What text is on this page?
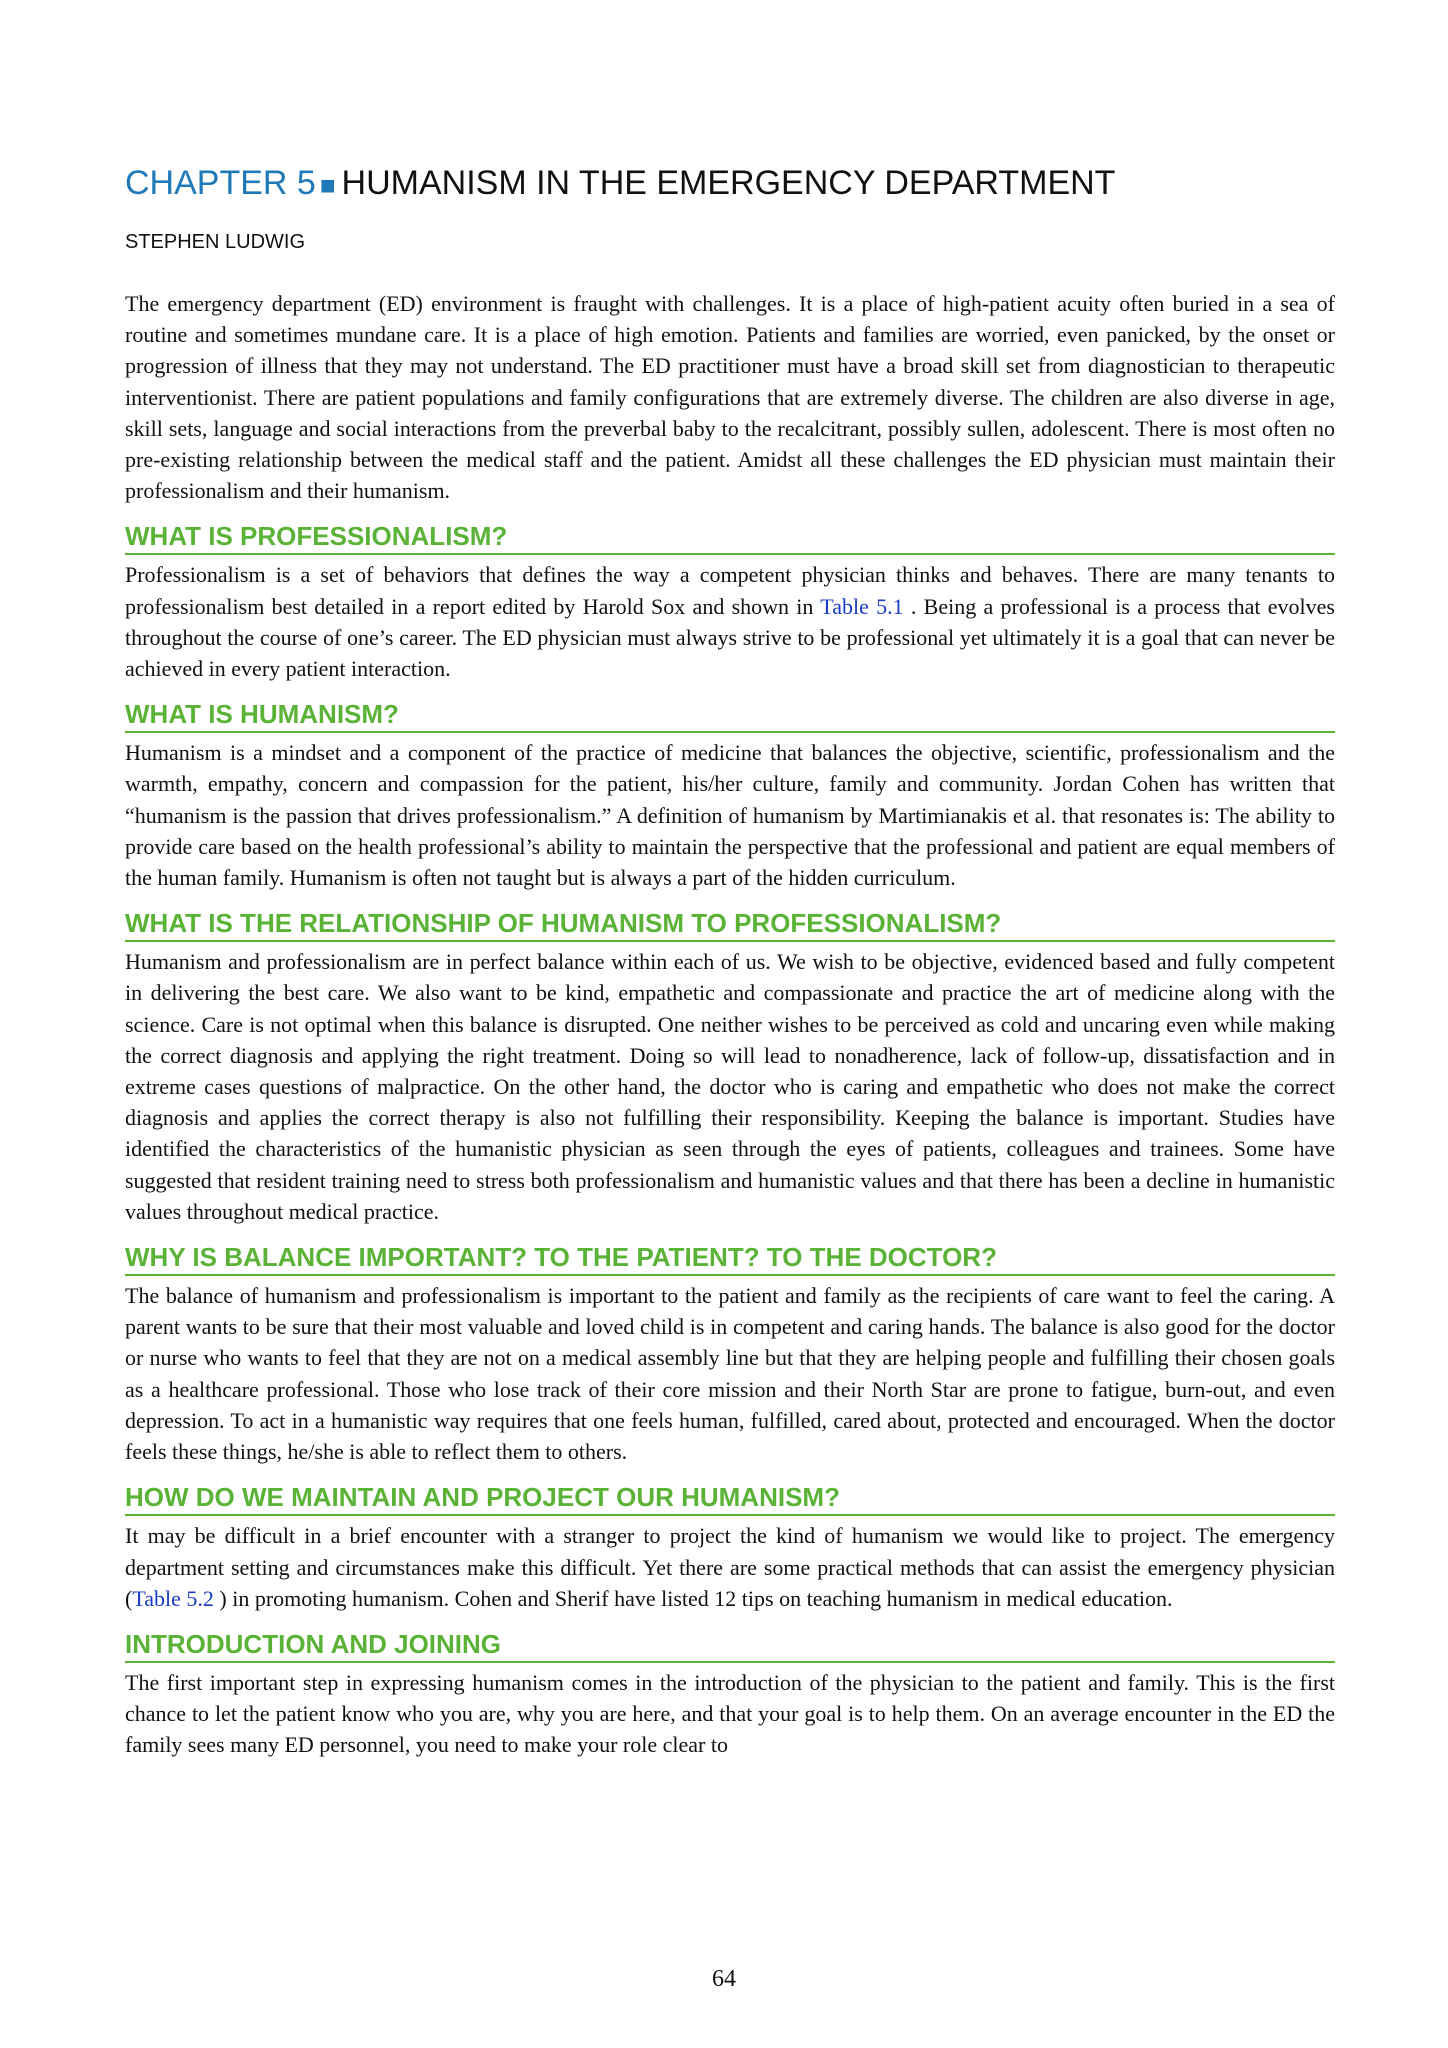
CHAPTER 5 ■ HUMANISM IN THE EMERGENCY DEPARTMENT
STEPHEN LUDWIG

The emergency department (ED) environment is fraught with challenges. It is a place of high-patient acuity often buried in a sea of routine and sometimes mundane care. It is a place of high emotion. Patients and families are worried, even panicked, by the onset or progression of illness that they may not understand. The ED practitioner must have a broad skill set from diagnostician to therapeutic interventionist. There are patient populations and family configurations that are extremely diverse. The children are also diverse in age, skill sets, language and social interactions from the preverbal baby to the recalcitrant, possibly sullen, adolescent. There is most often no pre-existing relationship between the medical staff and the patient. Amidst all these challenges the ED physician must maintain their professionalism and their humanism.

WHAT IS PROFESSIONALISM?

Professionalism is a set of behaviors that defines the way a competent physician thinks and behaves. There are many tenants to professionalism best detailed in a report edited by Harold Sox and shown in Table 5.1 . Being a professional is a process that evolves throughout the course of one’s career. The ED physician must always strive to be professional yet ultimately it is a goal that can never be achieved in every patient interaction.

WHAT IS HUMANISM?

Humanism is a mindset and a component of the practice of medicine that balances the objective, scientific, professionalism and the warmth, empathy, concern and compassion for the patient, his/her culture, family and community. Jordan Cohen has written that “humanism is the passion that drives professionalism.” A definition of humanism by Martimianakis et al. that resonates is: The ability to provide care based on the health professional’s ability to maintain the perspective that the professional and patient are equal members of the human family. Humanism is often not taught but is always a part of the hidden curriculum.

WHAT IS THE RELATIONSHIP OF HUMANISM TO PROFESSIONALISM?

Humanism and professionalism are in perfect balance within each of us. We wish to be objective, evidenced based and fully competent in delivering the best care. We also want to be kind, empathetic and compassionate and practice the art of medicine along with the science. Care is not optimal when this balance is disrupted. One neither wishes to be perceived as cold and uncaring even while making the correct diagnosis and applying the right treatment. Doing so will lead to nonadherence, lack of follow-up, dissatisfaction and in extreme cases questions of malpractice. On the other hand, the doctor who is caring and empathetic who does not make the correct diagnosis and applies the correct therapy is also not fulfilling their responsibility. Keeping the balance is important. Studies have identified the characteristics of the humanistic physician as seen through the eyes of patients, colleagues and trainees. Some have suggested that resident training need to stress both professionalism and humanistic values and that there has been a decline in humanistic values throughout medical practice.

WHY IS BALANCE IMPORTANT? TO THE PATIENT? TO THE DOCTOR?

The balance of humanism and professionalism is important to the patient and family as the recipients of care want to feel the caring. A parent wants to be sure that their most valuable and loved child is in competent and caring hands. The balance is also good for the doctor or nurse who wants to feel that they are not on a medical assembly line but that they are helping people and fulfilling their chosen goals as a healthcare professional. Those who lose track of their core mission and their North Star are prone to fatigue, burn-out, and even depression. To act in a humanistic way requires that one feels human, fulfilled, cared about, protected and encouraged. When the doctor feels these things, he/she is able to reflect them to others.

HOW DO WE MAINTAIN AND PROJECT OUR HUMANISM?

It may be difficult in a brief encounter with a stranger to project the kind of humanism we would like to project. The emergency department setting and circumstances make this difficult. Yet there are some practical methods that can assist the emergency physician (Table 5.2 ) in promoting humanism. Cohen and Sherif have listed 12 tips on teaching humanism in medical education.

INTRODUCTION AND JOINING

The first important step in expressing humanism comes in the introduction of the physician to the patient and family. This is the first chance to let the patient know who you are, why you are here, and that your goal is to help them. On an average encounter in the ED the family sees many ED personnel, you need to make your role clear to

64
